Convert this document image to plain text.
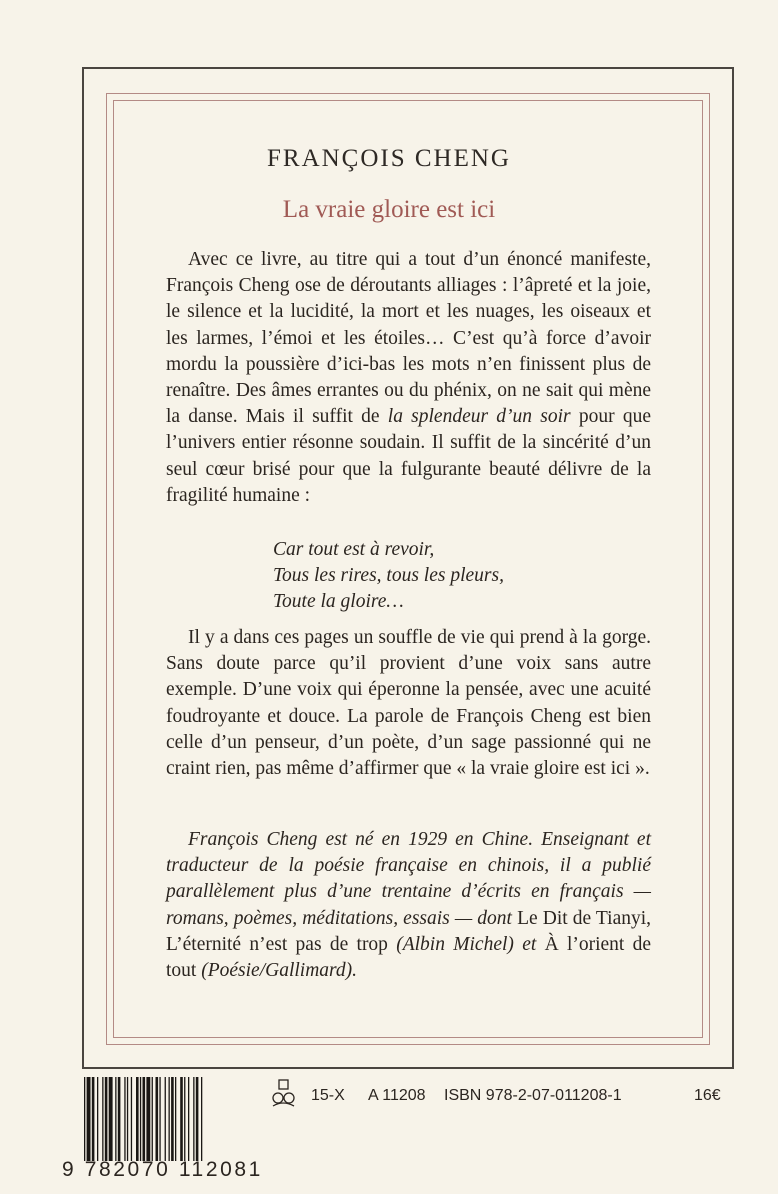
FRANÇOIS CHENG
La vraie gloire est ici
Avec ce livre, au titre qui a tout d’un énoncé manifeste, François Cheng ose de déroutants alliages : l’âpreté et la joie, le silence et la lucidité, la mort et les nuages, les oiseaux et les larmes, l’émoi et les étoiles… C’est qu’à force d’avoir mordu la poussière d’ici-bas les mots n’en finissent plus de renaître. Des âmes errantes ou du phénix, on ne sait qui mène la danse. Mais il suffit de la splendeur d’un soir pour que l’univers entier résonne soudain. Il suffit de la sincérité d’un seul cœur brisé pour que la fulgurante beauté délivre de la fragilité humaine :
Car tout est à revoir,
Tous les rires, tous les pleurs,
Toute la gloire…
Il y a dans ces pages un souffle de vie qui prend à la gorge. Sans doute parce qu’il provient d’une voix sans autre exemple. D’une voix qui éperonne la pensée, avec une acuité foudroyante et douce. La parole de François Cheng est bien celle d’un penseur, d’un poète, d’un sage passionné qui ne craint rien, pas même d’affirmer que « la vraie gloire est ici ».
François Cheng est né en 1929 en Chine. Enseignant et traducteur de la poésie française en chinois, il a publié parallèlement plus d’une trentaine d’écrits en français — romans, poèmes, méditations, essais — dont Le Dit de Tianyi, L’éternité n’est pas de trop (Albin Michel) et À l’orient de tout (Poésie/Gallimard).
15-X A 11208 ISBN 978-2-07-011208-1	16€
9 782070 112081
